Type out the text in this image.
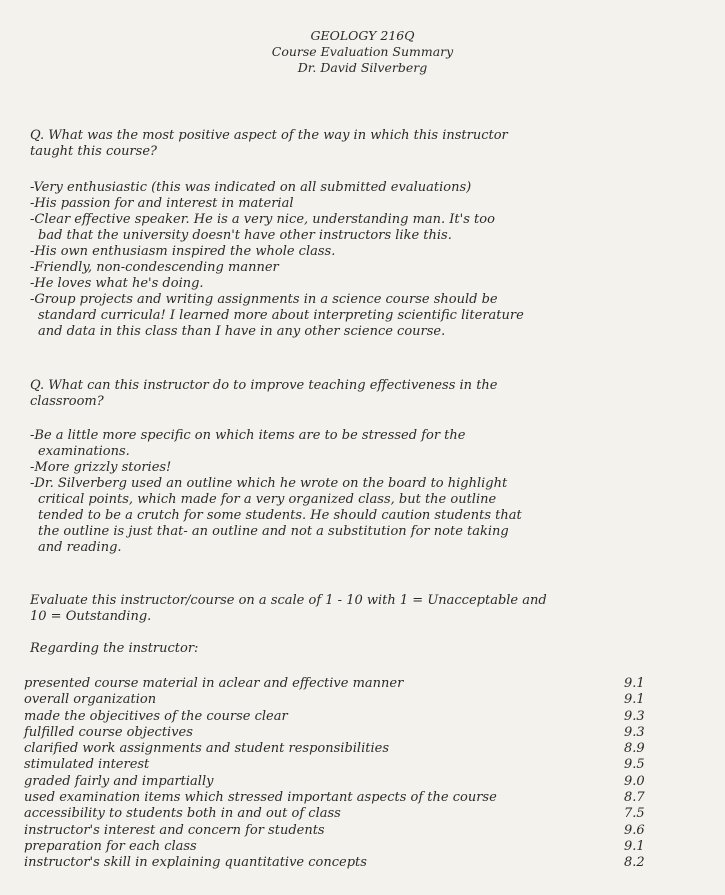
GEOLOGY 216Q
Course Evaluation Summary
Dr. David Silverberg

Q. What was the most positive aspect of the way in which this instructor

taught this course?

-Very enthusiastic (this was indicated on all submitted evaluations)

-His passion for and interest in material

-Clear effective speaker. He is a very nice, understanding man. It's too

bad that the university doesn't have other instructors like this.

-His own enthusiasm inspired the whole class.

-Friendly, non-condescending manner

-He loves what he's doing.

-Group projects and writing assignments in a science course should be

standard curricula! I learned more about interpreting scientific literature

and data in this class than I have in any other science course.

Q. What can this instructor do to improve teaching effectiveness in the

classroom?

-Be a little more specific on which items are to be stressed for the

examinations.

-More grizzly stories!

-Dr. Silverberg used an outline which he wrote on the board to highlight

critical points, which made for a very organized class, but the outline

tended to be a crutch for some students. He should caution students that

the outline is just that- an outline and not a substitution for note taking

and reading.

Evaluate this instructor/course on a scale of 1 - 10 with 1 = Unacceptable and

10 = Outstanding.

Regarding the instructor:

presented course material in aclear and effective manner	9.1
overall organization	9.1
made the objecitives of the course clear	9.3
fulfilled course objectives	9.3
clarified work assignments and student responsibilities	8.9
stimulated interest	9.5
graded fairly and impartially	9.0
used examination items which stressed important aspects of the course	8.7
accessibility to students both in and out of class	7.5
instructor's interest and concern for students	9.6
preparation for each class	9.1
instructor's skill in explaining quantitative concepts	8.2
